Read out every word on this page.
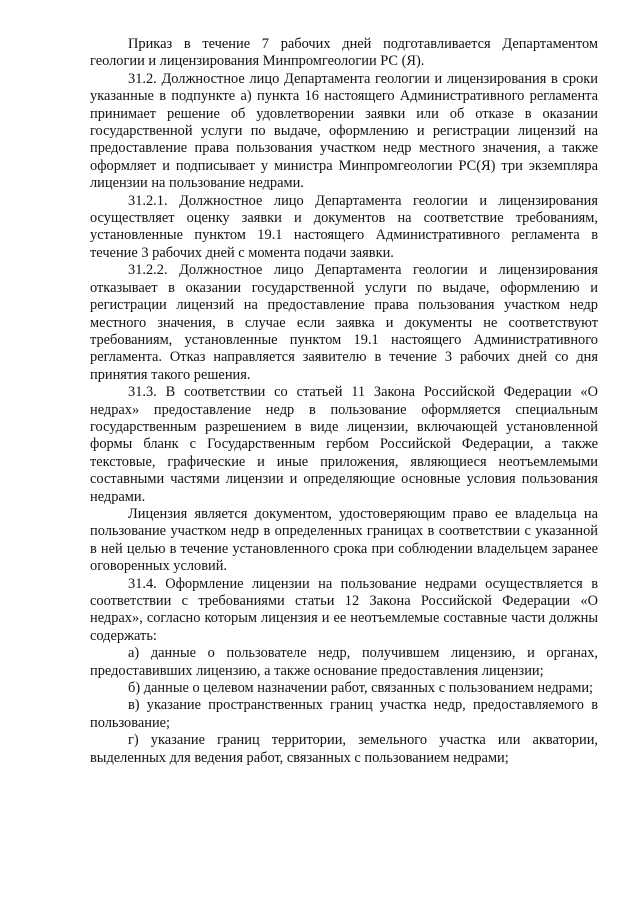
Приказ в течение 7 рабочих дней подготавливается Департаментом геологии и лицензирования Минпромгеологии РС (Я).

31.2. Должностное лицо Департамента геологии и лицензирования в сроки указанные в подпункте а) пункта 16 настоящего Административного регламента принимает решение об удовлетворении заявки или об отказе в оказании государственной услуги по выдаче, оформлению и регистрации лицензий на предоставление права пользования участком недр местного значения, а также оформляет и подписывает у министра Минпромгеологии РС(Я) три экземпляра лицензии на пользование недрами.

31.2.1. Должностное лицо Департамента геологии и лицензирования осуществляет оценку заявки и документов на соответствие требованиям, установленные пунктом 19.1 настоящего Административного регламента в течение 3 рабочих дней с момента подачи заявки.

31.2.2. Должностное лицо Департамента геологии и лицензирования отказывает в оказании государственной услуги по выдаче, оформлению и регистрации лицензий на предоставление права пользования участком недр местного значения, в случае если заявка и документы не соответствуют требованиям, установленные пунктом 19.1 настоящего Административного регламента. Отказ направляется заявителю в течение 3 рабочих дней со дня принятия такого решения.

31.3. В соответствии со статьей 11 Закона Российской Федерации «О недрах» предоставление недр в пользование оформляется специальным государственным разрешением в виде лицензии, включающей установленной формы бланк с Государственным гербом Российской Федерации, а также текстовые, графические и иные приложения, являющиеся неотъемлемыми составными частями лицензии и определяющие основные условия пользования недрами.

Лицензия является документом, удостоверяющим право ее владельца на пользование участком недр в определенных границах в соответствии с указанной в ней целью в течение установленного срока при соблюдении владельцем заранее оговоренных условий.

31.4. Оформление лицензии на пользование недрами осуществляется в соответствии с требованиями статьи 12 Закона Российской Федерации «О недрах», согласно которым лицензия и ее неотъемлемые составные части должны содержать:

а) данные о пользователе недр, получившем лицензию, и органах, предоставивших лицензию, а также основание предоставления лицензии;

б) данные о целевом назначении работ, связанных с пользованием недрами;

в) указание пространственных границ участка недр, предоставляемого в пользование;

г) указание границ территории, земельного участка или акватории, выделенных для ведения работ, связанных с пользованием недрами;
